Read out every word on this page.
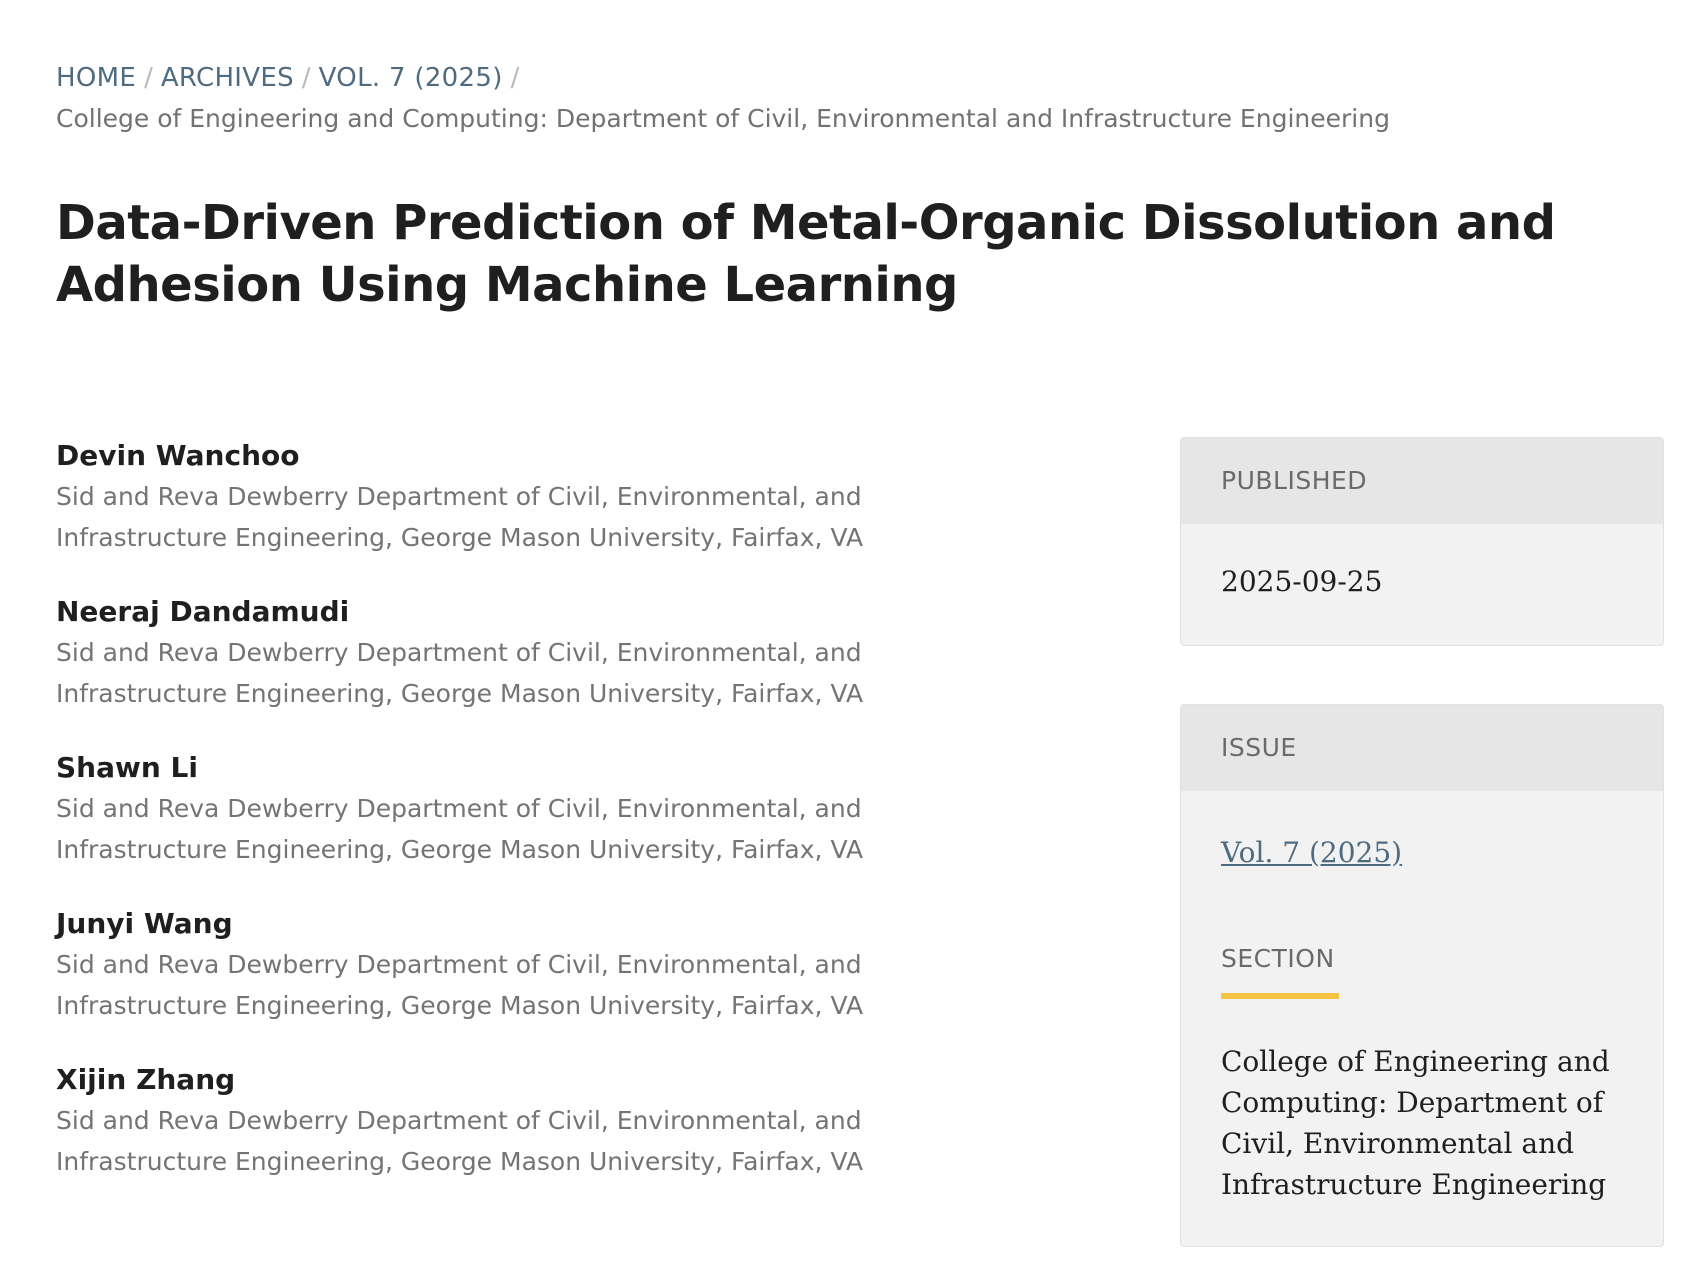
HOME / ARCHIVES / VOL. 7 (2025) /
College of Engineering and Computing: Department of Civil, Environmental and Infrastructure Engineering
Data-Driven Prediction of Metal-Organic Dissolution and Adhesion Using Machine Learning
Devin Wanchoo
Sid and Reva Dewberry Department of Civil, Environmental, and Infrastructure Engineering, George Mason University, Fairfax, VA
Neeraj Dandamudi
Sid and Reva Dewberry Department of Civil, Environmental, and Infrastructure Engineering, George Mason University, Fairfax, VA
Shawn Li
Sid and Reva Dewberry Department of Civil, Environmental, and Infrastructure Engineering, George Mason University, Fairfax, VA
Junyi Wang
Sid and Reva Dewberry Department of Civil, Environmental, and Infrastructure Engineering, George Mason University, Fairfax, VA
Xijin Zhang
Sid and Reva Dewberry Department of Civil, Environmental, and Infrastructure Engineering, George Mason University, Fairfax, VA
PUBLISHED
2025-09-25
ISSUE
Vol. 7 (2025)
SECTION
College of Engineering and Computing: Department of Civil, Environmental and Infrastructure Engineering
